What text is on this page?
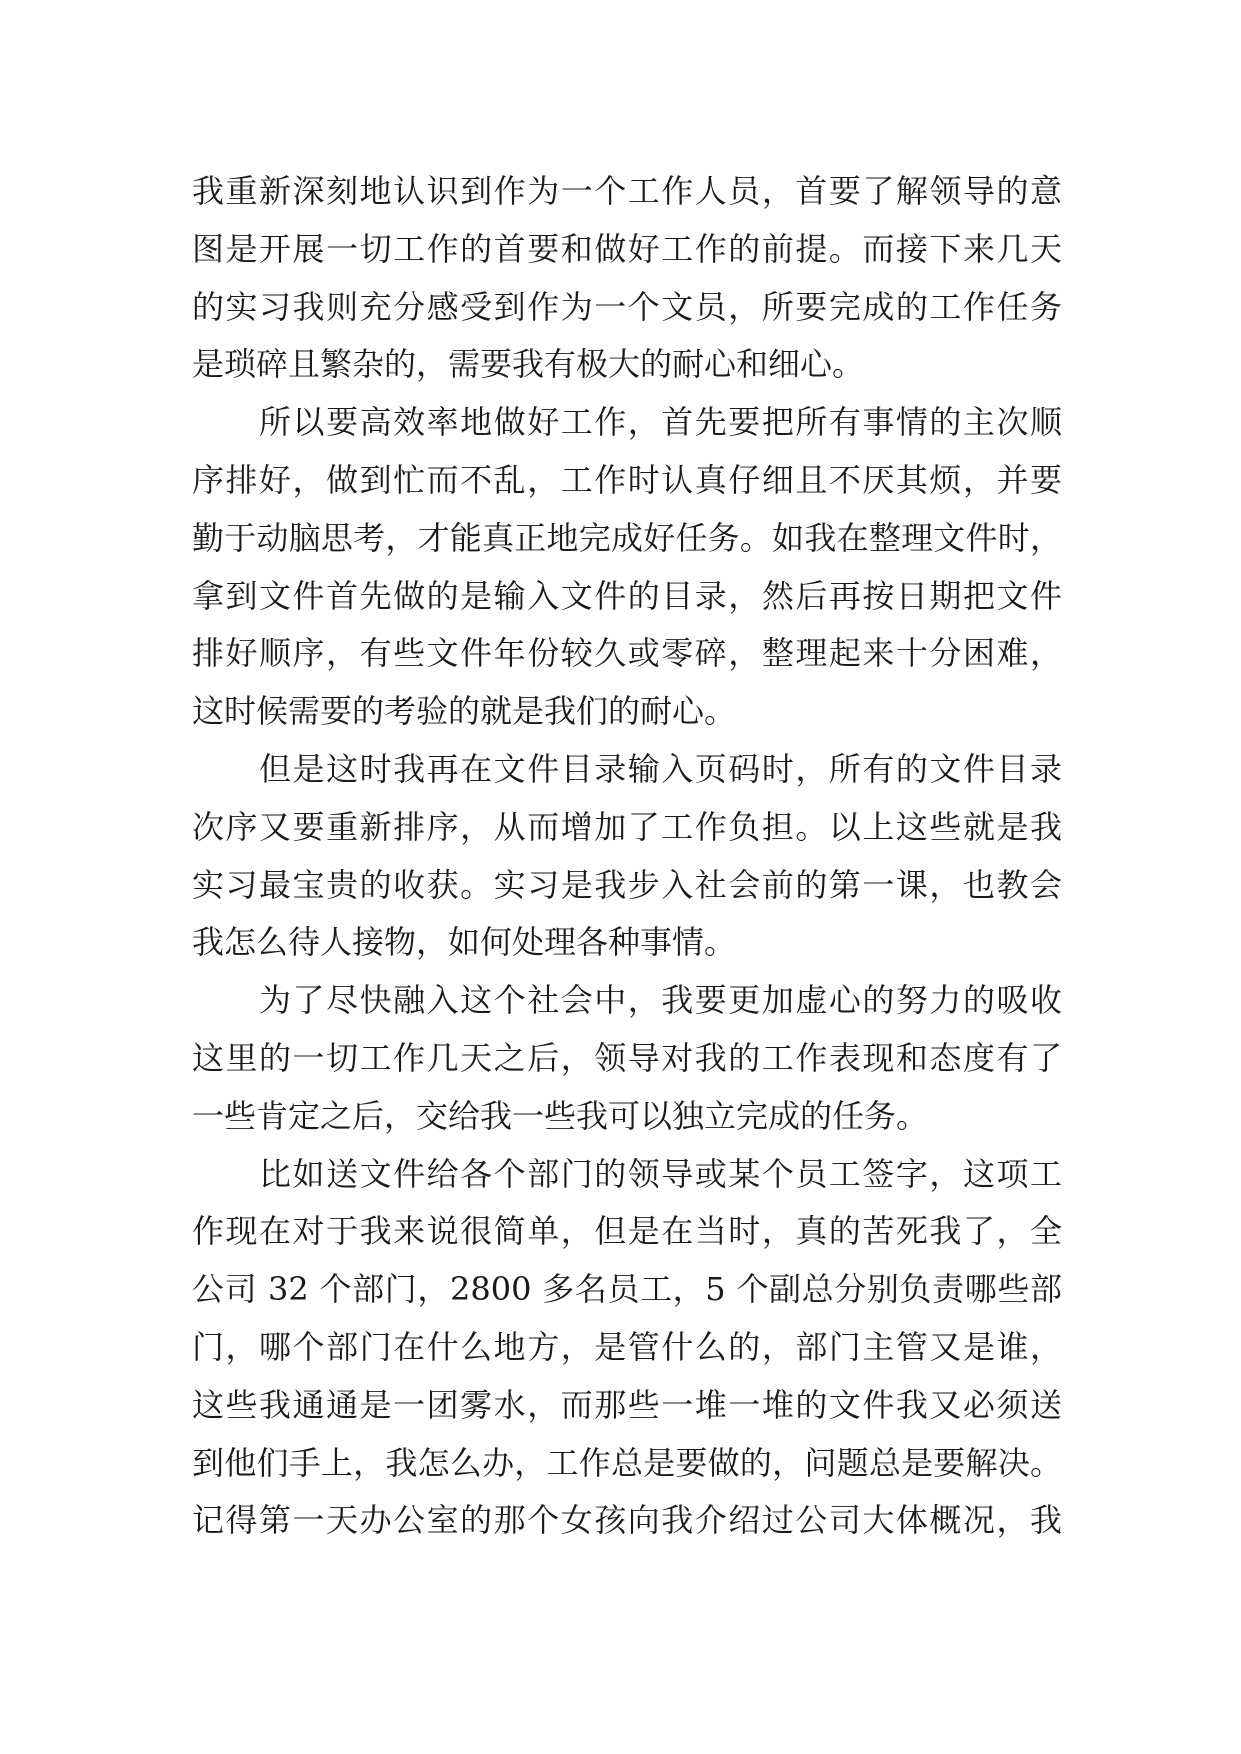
我重新深刻地认识到作为一个工作人员，首要了解领导的意
图是开展一切工作的首要和做好工作的前提。而接下来几天
的实习我则充分感受到作为一个文员，所要完成的工作任务
是琐碎且繁杂的，需要我有极大的耐心和细心。
　　所以要高效率地做好工作，首先要把所有事情的主次顺
序排好，做到忙而不乱，工作时认真仔细且不厌其烦，并要
勤于动脑思考，才能真正地完成好任务。如我在整理文件时，
拿到文件首先做的是输入文件的目录，然后再按日期把文件
排好顺序，有些文件年份较久或零碎，整理起来十分困难，
这时候需要的考验的就是我们的耐心。
　　但是这时我再在文件目录输入页码时，所有的文件目录
次序又要重新排序，从而增加了工作负担。以上这些就是我
实习最宝贵的收获。实习是我步入社会前的第一课，也教会
我怎么待人接物，如何处理各种事情。
　　为了尽快融入这个社会中，我要更加虚心的努力的吸收
这里的一切工作几天之后，领导对我的工作表现和态度有了
一些肯定之后，交给我一些我可以独立完成的任务。
　　比如送文件给各个部门的领导或某个员工签字，这项工
作现在对于我来说很简单，但是在当时，真的苦死我了，全
公司 32 个部门，2800 多名员工，5 个副总分别负责哪些部
门，哪个部门在什么地方，是管什么的，部门主管又是谁，
这些我通通是一团雾水，而那些一堆一堆的文件我又必须送
到他们手上，我怎么办，工作总是要做的，问题总是要解决。
记得第一天办公室的那个女孩向我介绍过公司大体概况，我
